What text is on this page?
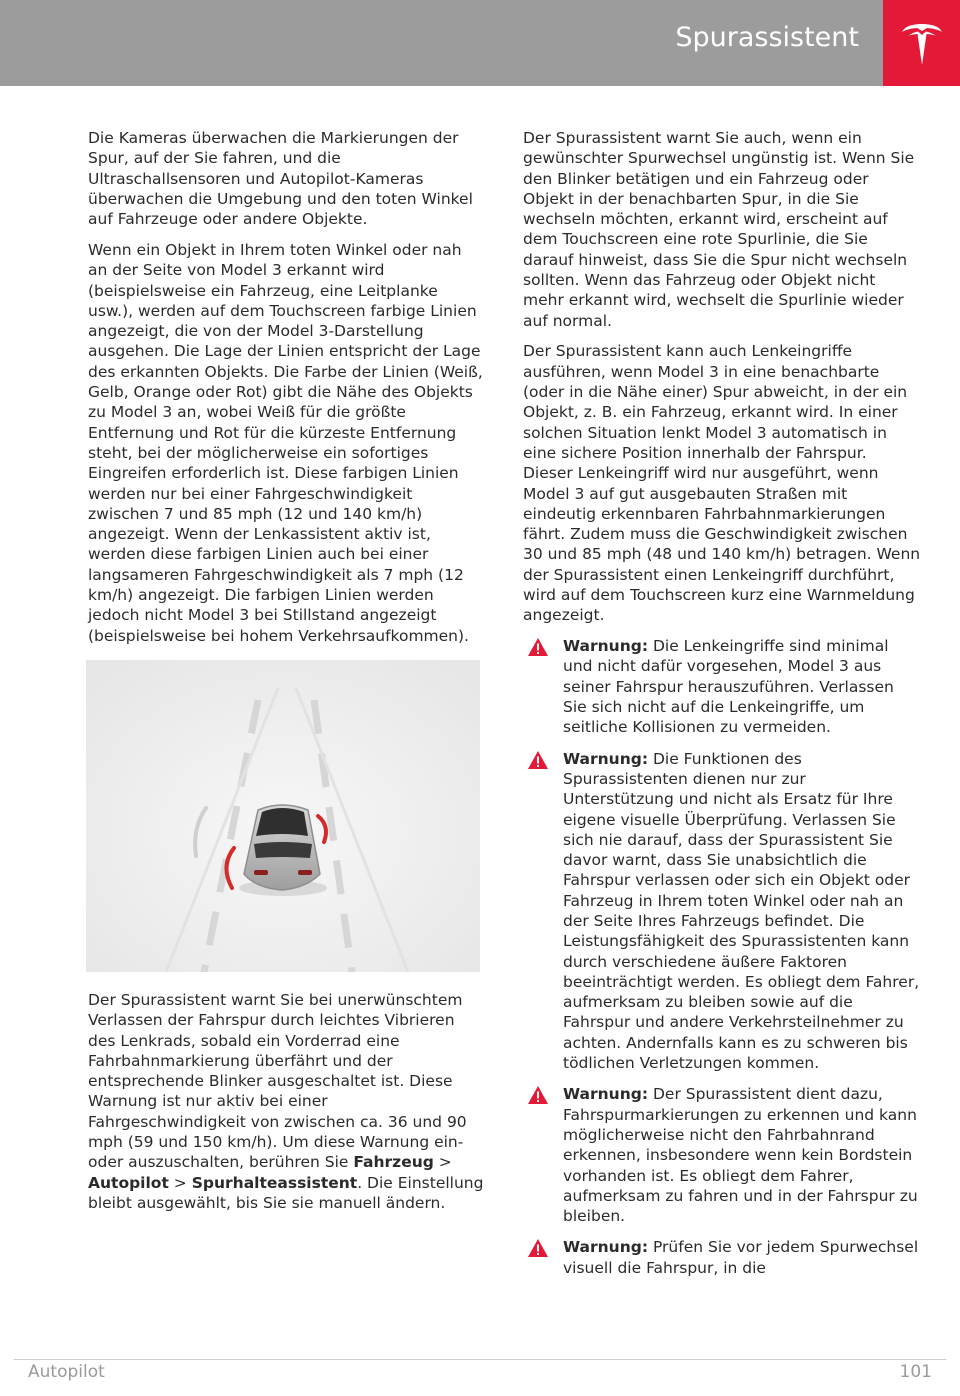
Spurassistent

Die Kameras überwachen die Markierungen der Spur, auf der Sie fahren, und die Ultraschallsensoren und Autopilot-Kameras überwachen die Umgebung und den toten Winkel auf Fahrzeuge oder andere Objekte.

Wenn ein Objekt in Ihrem toten Winkel oder nah an der Seite von Model 3 erkannt wird (beispielsweise ein Fahrzeug, eine Leitplanke usw.), werden auf dem Touchscreen farbige Linien angezeigt, die von der Model 3-Darstellung ausgehen. Die Lage der Linien entspricht der Lage des erkannten Objekts. Die Farbe der Linien (Weiß, Gelb, Orange oder Rot) gibt die Nähe des Objekts zu Model 3 an, wobei Weiß für die größte Entfernung und Rot für die kürzeste Entfernung steht, bei der möglicherweise ein sofortiges Eingreifen erforderlich ist. Diese farbigen Linien werden nur bei einer Fahrgeschwindigkeit zwischen 7 und 85 mph (12 und 140 km/h) angezeigt. Wenn der Lenkassistent aktiv ist, werden diese farbigen Linien auch bei einer langsameren Fahrgeschwindigkeit als 7 mph (12 km/h) angezeigt. Die farbigen Linien werden jedoch nicht Model 3 bei Stillstand angezeigt (beispielsweise bei hohem Verkehrsaufkommen).

Der Spurassistent warnt Sie bei unerwünschtem Verlassen der Fahrspur durch leichtes Vibrieren des Lenkrads, sobald ein Vorderrad eine Fahrbahnmarkierung überfährt und der entsprechende Blinker ausgeschaltet ist. Diese Warnung ist nur aktiv bei einer Fahrgeschwindigkeit von zwischen ca. 36 und 90 mph (59 und 150 km/h). Um diese Warnung ein- oder auszuschalten, berühren Sie Fahrzeug > Autopilot > Spurhalteassistent. Die Einstellung bleibt ausgewählt, bis Sie sie manuell ändern.

Der Spurassistent warnt Sie auch, wenn ein gewünschter Spurwechsel ungünstig ist. Wenn Sie den Blinker betätigen und ein Fahrzeug oder Objekt in der benachbarten Spur, in die Sie wechseln möchten, erkannt wird, erscheint auf dem Touchscreen eine rote Spurlinie, die Sie darauf hinweist, dass Sie die Spur nicht wechseln sollten. Wenn das Fahrzeug oder Objekt nicht mehr erkannt wird, wechselt die Spurlinie wieder auf normal.

Der Spurassistent kann auch Lenkeingriffe ausführen, wenn Model 3 in eine benachbarte (oder in die Nähe einer) Spur abweicht, in der ein Objekt, z. B. ein Fahrzeug, erkannt wird. In einer solchen Situation lenkt Model 3 automatisch in eine sichere Position innerhalb der Fahrspur. Dieser Lenkeingriff wird nur ausgeführt, wenn Model 3 auf gut ausgebauten Straßen mit eindeutig erkennbaren Fahrbahnmarkierungen fährt. Zudem muss die Geschwindigkeit zwischen 30 und 85 mph (48 und 140 km/h) betragen. Wenn der Spurassistent einen Lenkeingriff durchführt, wird auf dem Touchscreen kurz eine Warnmeldung angezeigt.

Warnung: Die Lenkeingriffe sind minimal und nicht dafür vorgesehen, Model 3 aus seiner Fahrspur herauszuführen. Verlassen Sie sich nicht auf die Lenkeingriffe, um seitliche Kollisionen zu vermeiden.
Warnung: Die Funktionen des Spurassistenten dienen nur zur Unterstützung und nicht als Ersatz für Ihre eigene visuelle Überprüfung. Verlassen Sie sich nie darauf, dass der Spurassistent Sie davor warnt, dass Sie unabsichtlich die Fahrspur verlassen oder sich ein Objekt oder Fahrzeug in Ihrem toten Winkel oder nah an der Seite Ihres Fahrzeugs befindet. Die Leistungsfähigkeit des Spurassistenten kann durch verschiedene äußere Faktoren beeinträchtigt werden. Es obliegt dem Fahrer, aufmerksam zu bleiben sowie auf die Fahrspur und andere Verkehrsteilnehmer zu achten. Andernfalls kann es zu schweren bis tödlichen Verletzungen kommen.
Warnung: Der Spurassistent dient dazu, Fahrspurmarkierungen zu erkennen und kann möglicherweise nicht den Fahrbahnrand erkennen, insbesondere wenn kein Bordstein vorhanden ist. Es obliegt dem Fahrer, aufmerksam zu fahren und in der Fahrspur zu bleiben.
Warnung: Prüfen Sie vor jedem Spurwechsel visuell die Fahrspur, in die
Autopilot	101
